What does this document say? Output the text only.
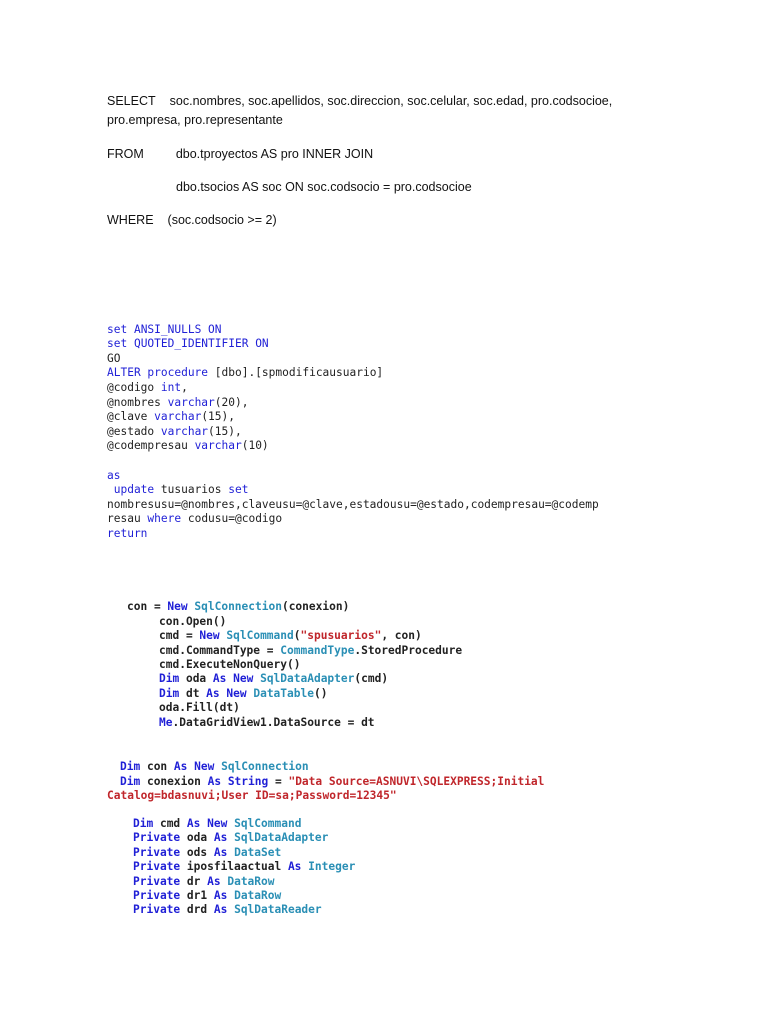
SELECT soc.nombres, soc.apellidos, soc.direccion, soc.celular, soc.edad, pro.codsocioe,
pro.empresa, pro.representante
FROM	dbo.tproyectos AS pro INNER JOIN
dbo.tsocios AS soc ON soc.codsocio = pro.codsocioe
WHERE (soc.codsocio >= 2)

set ANSI_NULLS ON
set QUOTED_IDENTIFIER ON
GO
ALTER procedure [dbo].[spmodificausuario]
@codigo int,
@nombres varchar(20),
@clave varchar(15),
@estado varchar(15),
@codempresau varchar(10)

as
update tusuarios set
nombresusu=@nombres,claveusu=@clave,estadousu=@estado,codempresau=@codemp
resau where codusu=@codigo
return

con = New SqlConnection(conexion)
con.Open()
cmd = New SqlCommand("spusuarios", con)
cmd.CommandType = CommandType.StoredProcedure
cmd.ExecuteNonQuery()
Dim oda As New SqlDataAdapter(cmd)
Dim dt As New DataTable()
oda.Fill(dt)
Me.DataGridView1.DataSource = dt

Dim con As New SqlConnection
Dim conexion As String = "Data Source=ASNUVI\SQLEXPRESS;Initial
Catalog=bdasnuvi;User ID=sa;Password=12345"

Dim cmd As New SqlCommand
Private oda As SqlDataAdapter
Private ods As DataSet
Private iposfilaactual As Integer
Private dr As DataRow
Private dr1 As DataRow
Private drd As SqlDataReader
